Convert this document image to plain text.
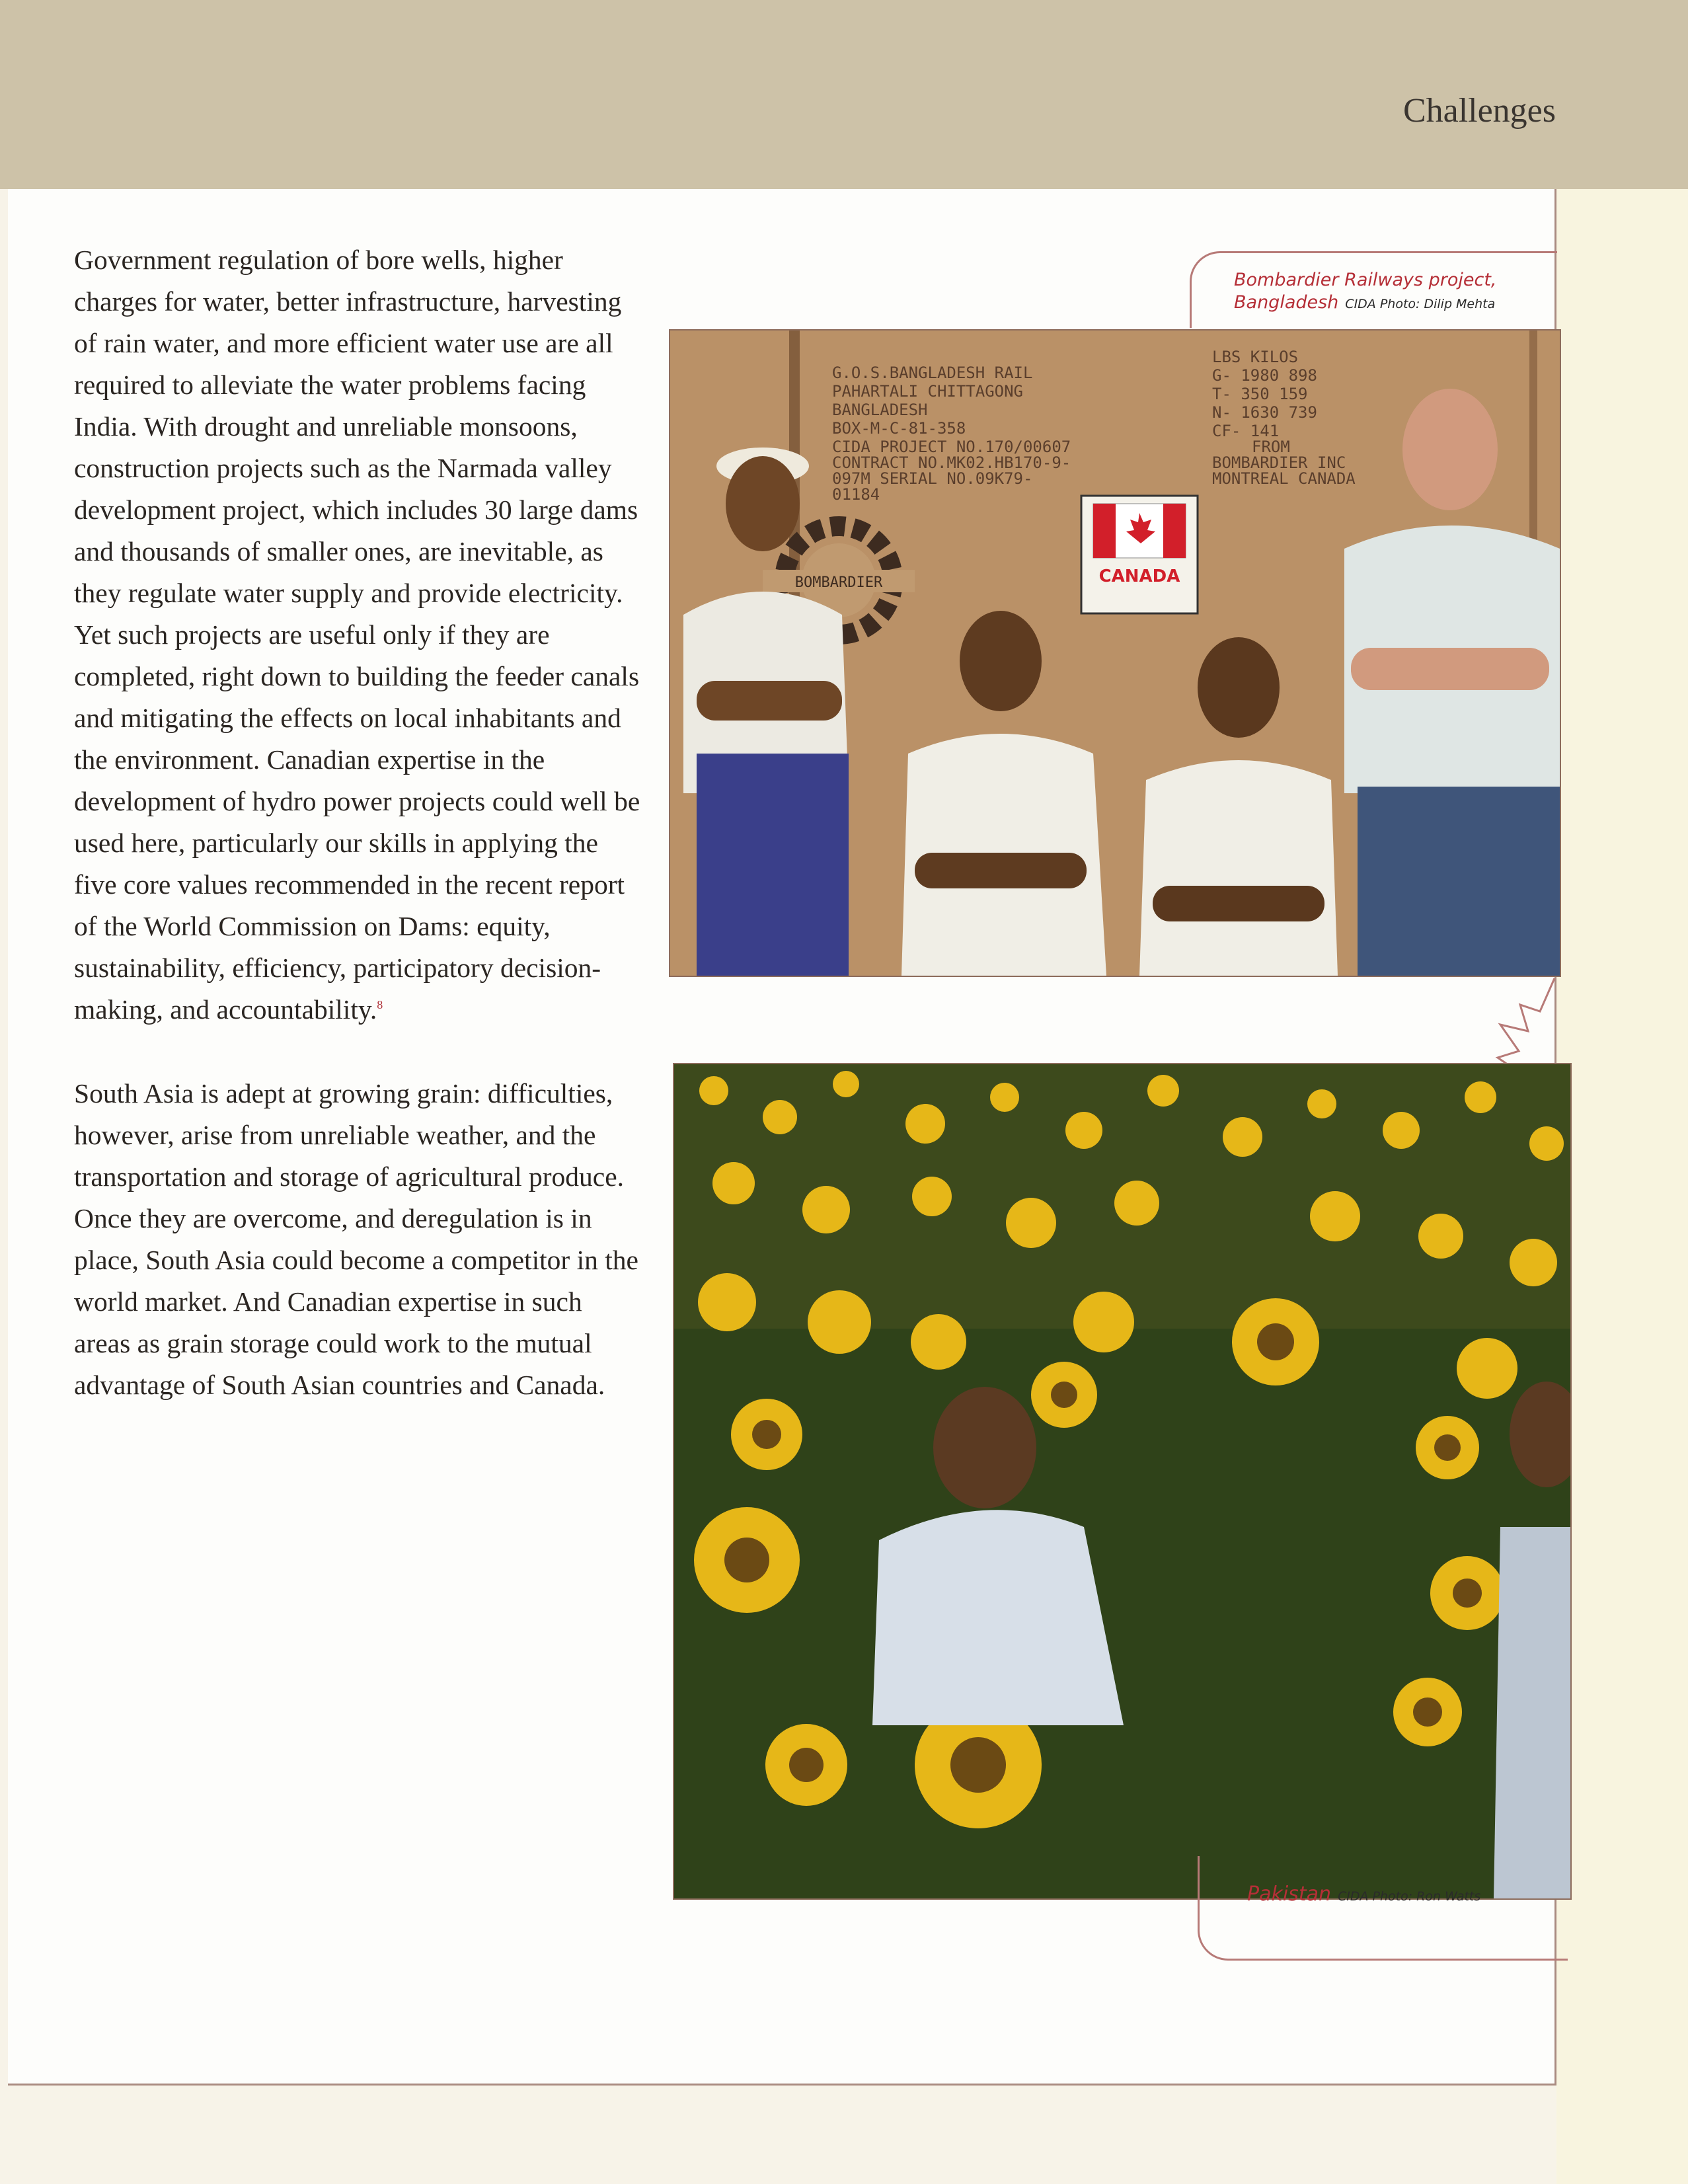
Challenges

Government regulation of bore wells, higher charges for water, better infrastructure, harvesting of rain water, and more efficient water use are all required to alleviate the water problems facing India. With drought and unreliable monsoons, construction projects such as the Narmada valley development project, which includes 30 large dams and thousands of smaller ones, are inevitable, as they regulate water supply and provide electricity. Yet such projects are useful only if they are completed, right down to building the feeder canals and mitigating the effects on local inhabitants and the environment. Canadian expertise in the development of hydro power projects could well be used here, particularly our skills in applying the five core values recommended in the recent report of the World Commission on Dams: equity, sustainability, efficiency, participatory decision-making, and accountability.$^8$

South Asia is adept at growing grain: difficulties, however, arise from unreliable weather, and the transportation and storage of agricultural produce. Once they are overcome, and deregulation is in place, South Asia could become a competitor in the world market. And Canadian expertise in such areas as grain storage could work to the mutual advantage of South Asian countries and Canada.

Bombardier Railways project,
Bangladesh CIDA Photo: Dilip Mehta
G.O.S.BANGLADESH RAIL
PAHARTALI CHITTAGONG
BANGLADESH
BOX-M-C-81-358
CIDA PROJECT NO.170/00607
CONTRACT NO.MK02.HB170-9-
097M SERIAL NO.09K79-
01184
LBS KILOS
G- 1980 898
T- 350 159
N- 1630 739
CF- 141
FROM
BOMBARDIER INC
MONTREAL CANADA
BOMBARDIER	CANADA
Pakistan CIDA Photo: Ron Watts
